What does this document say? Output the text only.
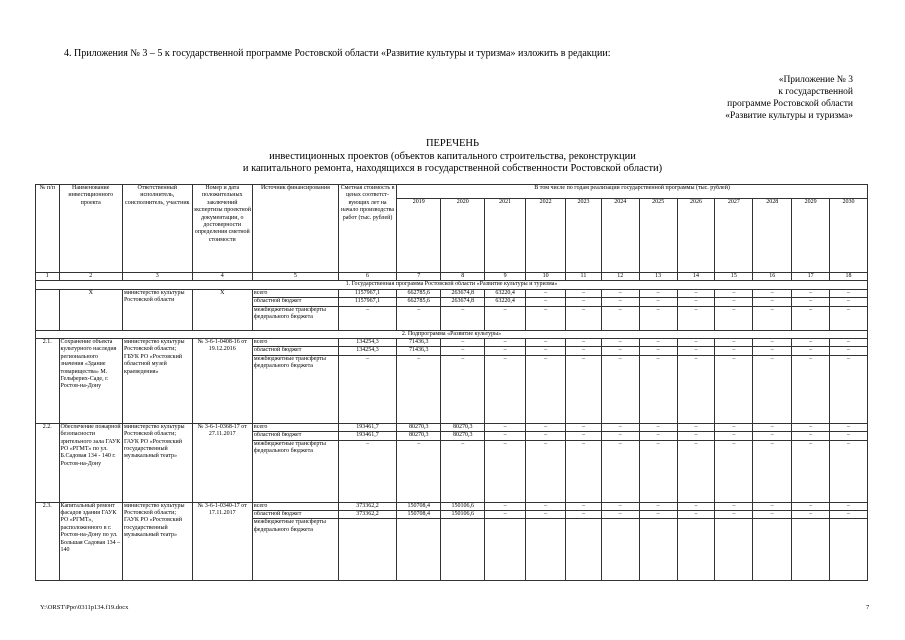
4. Приложения № 3 – 5 к государственной программе Ростовской области «Развитие культуры и туризма» изложить в редакции:
«Приложение № 3
к государственной
программе Ростовской области
«Развитие культуры и туризма»
ПЕРЕЧЕНЬ
инвестиционных проектов (объектов капитального строительства, реконструкции
и капитального ремонта, находящихся в государственной собственности Ростовской области)
№ п/п	Наименование инвестиционного проекта	Ответственный исполнитель, соисполнитель, участник	Номер и дата положительных заключений экспертизы проектной документации, о достоверности определения сметной стоимости	Источник финансирования	Сметная стоимость в ценах соответст-вующих лет на начало производства работ (тыс. рублей)	В том числе по годам реализации государственной программы (тыс. рублей)											
						2019	2020	2021	2022	2023	2024	2025	2026	2027	2028	2029	2030
1	2	3	4	5	6	7	8	9	10	11	12	13	14	15	16	17	18
1. Государственная программа Ростовской области «Развитие культуры и туризма»																	
	X	министерство культуры Ростовской области	X	всего	1157967,1	662785,6	263674,8	63220,4	–	–	–	–	–	–	–	–	–
				областной бюджет	1157967,1	662785,6	263674,8	63220,4	–	–	–	–	–	–	–	–	–
				межбюджетные трансферты федерального бюджета	–	–	–	–	–	–	–	–	–	–	–	–	–
2. Подпрограмма «Развитие культуры»																	
2.1.	Сохранение объекта культурного наследия регионального значения «Здание товарищества» М. Гельферих-Саде, г. Ростов-на-Дону	министерство культуры Ростовской области; ГБУК РО «Ростовский областной музей краеведения»	№ 3-6-1-0408-16 от 19.12.2016	всего	134254,3	71436,3	–	–	–	–	–	–	–	–	–	–	–
				областной бюджет	134254,3	71436,3	–	–	–	–	–	–	–	–	–	–	–
				межбюджетные трансферты федерального бюджета	–	–	–	–	–	–	–	–	–	–	–	–	–
2.2.	Обеспечение пожарной безопасности зрительного зала ГАУК РО «РГМТ» по ул. Б.Садовая 134 - 140 г. Ростов-на-Дону	министерство культуры Ростовской области; ГАУК РО «Ростовский государственный музыкальный театр»	№ 3-6-1-0368-17 от 27.11.2017	всего	193461,7	80270,3	80270,3	–	–	–	–	–	–	–	–	–	–
				областной бюджет	193461,7	80270,3	80270,3	–	–	–	–	–	–	–	–	–	–
				межбюджетные трансферты федерального бюджета	–	–	–	–	–	–	–	–	–	–	–	–	–
2.3.	Капитальный ремонт фасадов здания ГАУК РО «РГМТ», расположенного в г. Ростов-на-Дону по ул. Большая Садовая 134 – 140	министерство культуры Ростовской области; ГАУК РО «Ростовский государственный музыкальный театр»	№ 3-6-1-0340-17 от 17.11.2017	всего	373362,2	150708,4	150106,6	–	–	–	–	–	–	–	–	–	–
				областной бюджет	373362,2	150708,4	150106,6	–	–	–	–	–	–	–	–	–	–
				межбюджетные трансферты федерального бюджета													
Y:\ORST\Ppo\0311p134.f19.docx	7
